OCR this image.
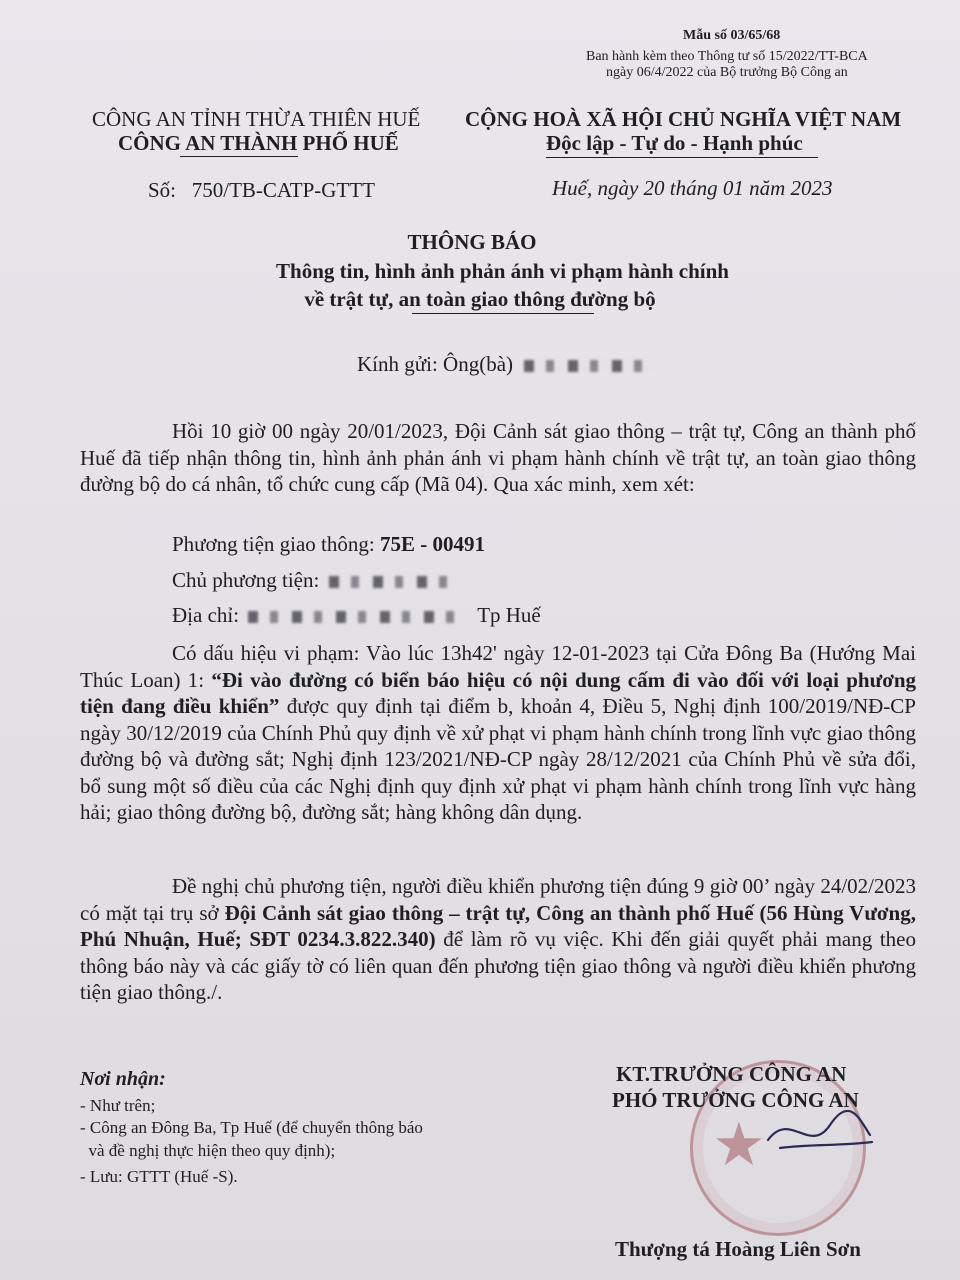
Mẫu số 03/65/68
Ban hành kèm theo Thông tư số 15/2022/TT-BCA
ngày 06/4/2022 của Bộ trưởng Bộ Công an
CÔNG AN TỈNH THỪA THIÊN HUẾ
CÔNG AN THÀNH PHỐ HUẾ
Số:   750/TB-CATP-GTTT
CỘNG HOÀ XÃ HỘI CHỦ NGHĨA VIỆT NAM
Độc lập - Tự do - Hạnh phúc
Huế, ngày 20 tháng 01 năm 2023
THÔNG BÁO
Thông tin, hình ảnh phản ánh vi phạm hành chính
về trật tự, an toàn giao thông đường bộ
Kính gửi: Ông(bà)
Hồi 10 giờ 00 ngày 20/01/2023, Đội Cảnh sát giao thông – trật tự, Công an thành phố Huế đã tiếp nhận thông tin, hình ảnh phản ánh vi phạm hành chính về trật tự, an toàn giao thông đường bộ do cá nhân, tổ chức cung cấp (Mã 04). Qua xác minh, xem xét:
Phương tiện giao thông: 75E - 00491
Chủ phương tiện:
Địa chỉ:	Tp Huế
Có dấu hiệu vi phạm: Vào lúc 13h42' ngày 12-01-2023 tại Cửa Đông Ba (Hướng Mai Thúc Loan) 1: “Đi vào đường có biển báo hiệu có nội dung cấm đi vào đối với loại phương tiện đang điều khiển” được quy định tại điểm b, khoản 4, Điều 5, Nghị định 100/2019/NĐ-CP ngày 30/12/2019 của Chính Phủ quy định về xử phạt vi phạm hành chính trong lĩnh vực giao thông đường bộ và đường sắt; Nghị định 123/2021/NĐ-CP ngày 28/12/2021 của Chính Phủ về sửa đổi, bổ sung một số điều của các Nghị định quy định xử phạt vi phạm hành chính trong lĩnh vực hàng hải; giao thông đường bộ, đường sắt; hàng không dân dụng.
Đề nghị chủ phương tiện, người điều khiển phương tiện đúng 9 giờ 00’ ngày 24/02/2023 có mặt tại trụ sở Đội Cảnh sát giao thông – trật tự, Công an thành phố Huế (56 Hùng Vương, Phú Nhuận, Huế; SĐT 0234.3.822.340) để làm rõ vụ việc. Khi đến giải quyết phải mang theo thông báo này và các giấy tờ có liên quan đến phương tiện giao thông và người điều khiển phương tiện giao thông./.
Nơi nhận:
- Như trên;
- Công an Đông Ba, Tp Huế (để chuyển thông báo
và đề nghị thực hiện theo quy định);
- Lưu: GTTT (Huế -S).	★
KT.TRƯỞNG CÔNG AN
PHÓ TRƯỞNG CÔNG AN
Thượng tá Hoàng Liên Sơn
